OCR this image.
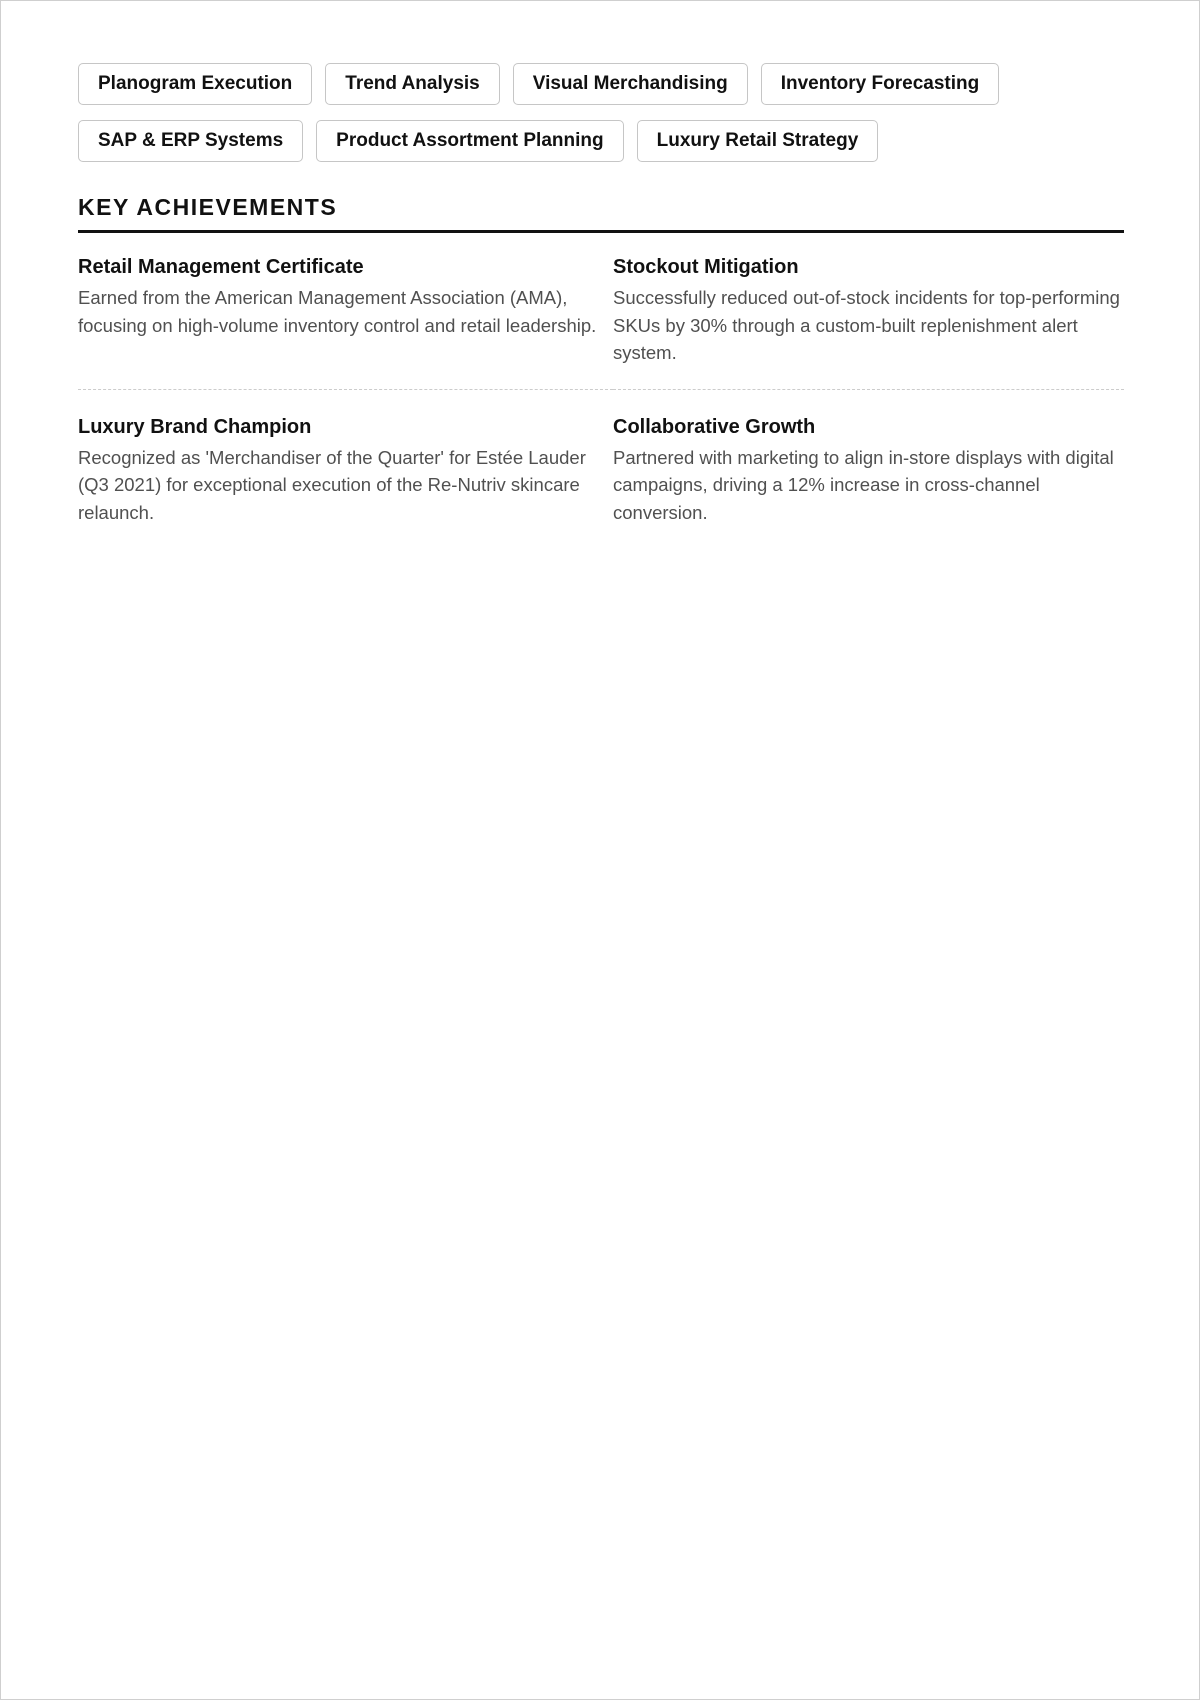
Planogram Execution	Trend Analysis	Visual Merchandising	Inventory Forecasting
SAP & ERP Systems	Product Assortment Planning	Luxury Retail Strategy
KEY ACHIEVEMENTS
Retail Management Certificate
Earned from the American Management Association (AMA), focusing on high-volume inventory control and retail leadership.
Stockout Mitigation
Successfully reduced out-of-stock incidents for top-performing SKUs by 30% through a custom-built replenishment alert system.
Luxury Brand Champion
Recognized as 'Merchandiser of the Quarter' for Estée Lauder (Q3 2021) for exceptional execution of the Re-Nutriv skincare relaunch.
Collaborative Growth
Partnered with marketing to align in-store displays with digital campaigns, driving a 12% increase in cross-channel conversion.
